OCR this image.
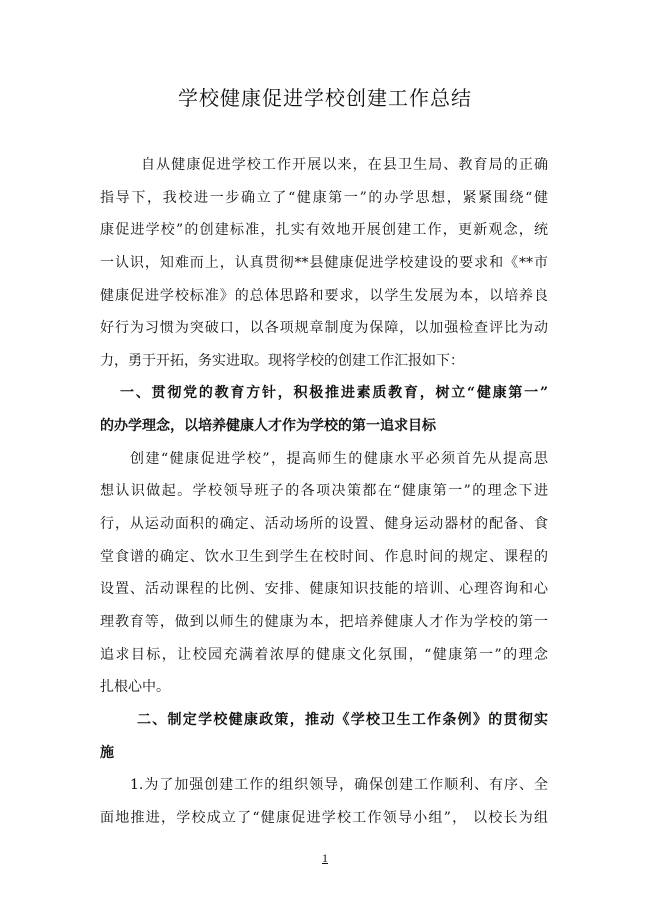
学校健康促进学校创建工作总结
自从健康促进学校工作开展以来，在县卫生局、教育局的正确
指导下，我校进一步确立了“健康第一”的办学思想，紧紧围绕“健
康促进学校”的创建标准，扎实有效地开展创建工作，更新观念，统
一认识，知难而上，认真贯彻**县健康促进学校建设的要求和《**市
健康促进学校标准》的总体思路和要求，以学生发展为本，以培养良
好行为习惯为突破口，以各项规章制度为保障，以加强检查评比为动
力，勇于开拓，务实进取。现将学校的创建工作汇报如下：
一、贯彻党的教育方针，积极推进素质教育，树立“健康第一”
的办学理念，以培养健康人才作为学校的第一追求目标
创建“健康促进学校”，提高师生的健康水平必须首先从提高思
想认识做起。学校领导班子的各项决策都在“健康第一”的理念下进
行，从运动面积的确定、活动场所的设置、健身运动器材的配备、食
堂食谱的确定、饮水卫生到学生在校时间、作息时间的规定、课程的
设置、活动课程的比例、安排、健康知识技能的培训、心理咨询和心
理教育等，做到以师生的健康为本，把培养健康人才作为学校的第一
追求目标，让校园充满着浓厚的健康文化氛围，“健康第一”的理念
扎根心中。
二、制定学校健康政策，推动《学校卫生工作条例》的贯彻实
施
1.为了加强创建工作的组织领导，确保创建工作顺利、有序、全
面地推进，学校成立了“健康促进学校工作领导小组”， 以校长为组
1
